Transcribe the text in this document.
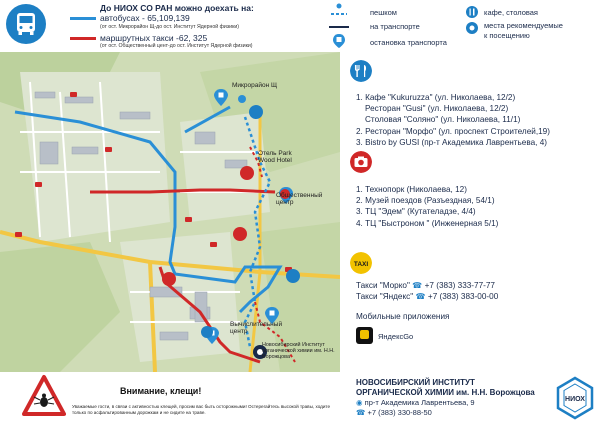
До НИОХ СО РАН можно доехать на:
автобусах - 65,109,139
(от ост. Микрорайон Щ-до ост. Институт Ядерной физики)
маршрутных такси -62, 325
(от ост. Общественный цент-до ост. Институт Ядерной физики)
пешком
на транспорте
остановка транспорта
кафе, столовая
места рекомендуемые
к посещению
Микрорайон Щ
Отель Park Wood Hotel
Общественный центр
Вычислительный центр
Новосибирский Институт органической химии им. Н.Н. Ворожцова
1. Кафе "Kukuruzza" (ул. Николаева, 12/2)
Ресторан "Gusi" (ул. Николаева, 12/2)
Столовая "Соляно" (ул. Николаева, 11/1)
2. Ресторан "Морфо" (ул. проспект Строителей,19)
3. Bistro by GUSI (пр-т Академика Лаврентьева, 4)
1. Технопорк (Николаева, 12)
2. Музей поездов (Разъездная, 54/1)
3. ТЦ "Эдем" (Кутателадзе, 4/4)
4. ТЦ "Быстроном " (Инженерная 5/1)
TAXI
Такси "Морко" ☎ +7 (383) 333-77-77
Такси "Яндекс" ☎ +7 (383) 383-00-00
Мобильные приложения
ЯндексGo
Внимание, клещи!
Уважаемые гости, в связи с активностью клещей, просим вас быть осторожными! Остерегайтесь высокой травы, ходите только по асфальтированным дорожкам и не сидите на траве.
НОВОСИБИРСКИЙ ИНСТИТУТ
ОРГАНИЧЕСКОЙ ХИМИИ им. Н.Н. Ворожцова
◉ пр-т Академика Лаврентьева, 9
☎ +7 (383) 330-88-50
НИОХ
